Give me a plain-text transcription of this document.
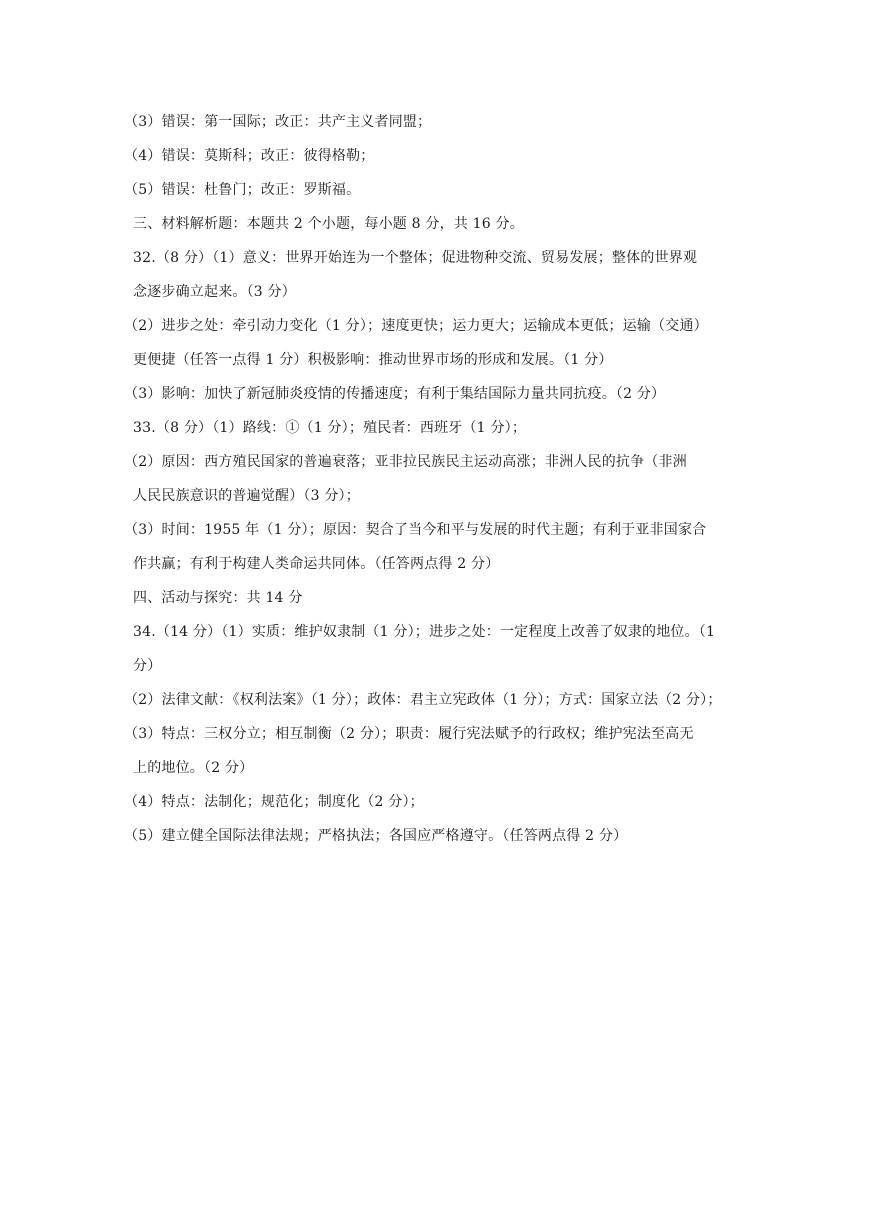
（3）错误：第一国际；改正：共产主义者同盟；
（4）错误：莫斯科；改正：彼得格勒；
（5）错误：杜鲁门；改正：罗斯福。
三、材料解析题：本题共 2 个小题，每小题 8 分，共 16 分。
32.（8 分）（1）意义：世界开始连为一个整体；促进物种交流、贸易发展；整体的世界观
念逐步确立起来。（3 分）
（2）进步之处：牵引动力变化（1 分）；速度更快；运力更大；运输成本更低；运输（交通）
更便捷（任答一点得 1 分）积极影响：推动世界市场的形成和发展。（1 分）
（3）影响：加快了新冠肺炎疫情的传播速度；有利于集结国际力量共同抗疫。（2 分）
33.（8 分）（1）路线：①（1 分）；殖民者：西班牙（1 分）；
（2）原因：西方殖民国家的普遍衰落；亚非拉民族民主运动高涨；非洲人民的抗争（非洲
人民民族意识的普遍觉醒）（3 分）；
（3）时间：1955 年（1 分）；原因：契合了当今和平与发展的时代主题；有利于亚非国家合
作共赢；有利于构建人类命运共同体。（任答两点得 2 分）
四、活动与探究：共 14 分
34.（14 分）（1）实质：维护奴隶制（1 分）；进步之处：一定程度上改善了奴隶的地位。（1
分）
（2）法律文献：《权利法案》（1 分）；政体：君主立宪政体（1 分）；方式：国家立法（2 分）；
（3）特点：三权分立；相互制衡（2 分）；职责：履行宪法赋予的行政权；维护宪法至高无
上的地位。（2 分）
（4）特点：法制化；规范化；制度化（2 分）；
（5）建立健全国际法律法规；严格执法；各国应严格遵守。（任答两点得 2 分）
